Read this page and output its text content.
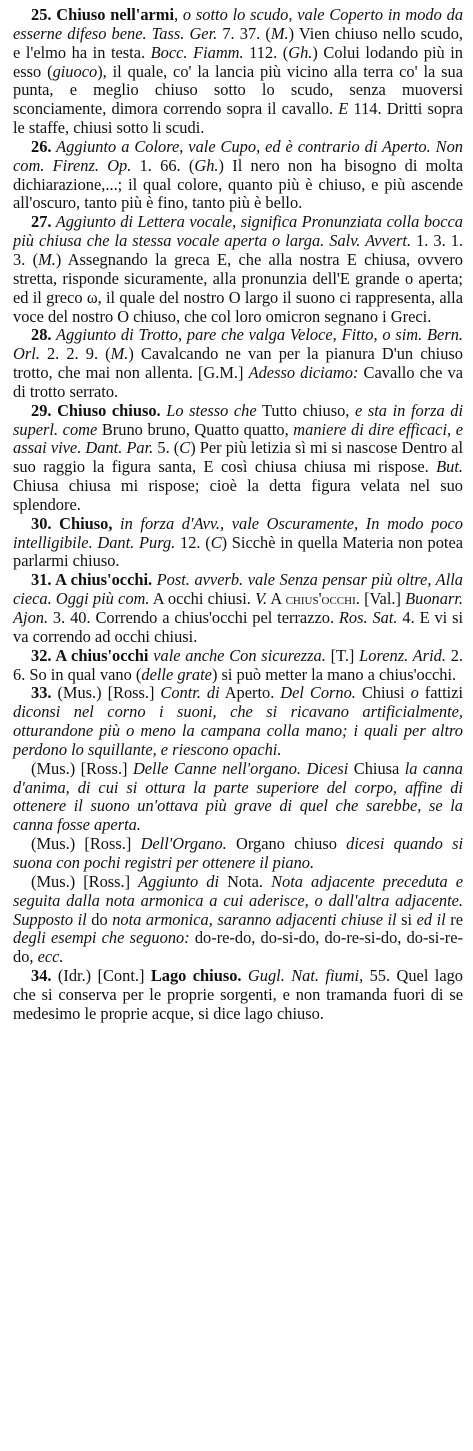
25. Chiuso nell'armi, o sotto lo scudo, vale Coperto in modo da esserne difeso bene. Tass. Ger. 7. 37. (M.) Vien chiuso nello scudo, e l'elmo ha in testa. Bocc. Fiamm. 112. (Gh.) Colui lodando più in esso (giuoco), il quale, co' la lancia più vicino alla terra co' la sua punta, e meglio chiuso sotto lo scudo, senza muoversi sconciamente, dimora correndo sopra il cavallo. E 114. Dritti sopra le staffe, chiusi sotto li scudi.
26. Aggiunto a Colore, vale Cupo, ed è contrario di Aperto. Non com. Firenz. Op. 1. 66. (Gh.) Il nero non ha bisogno di molta dichiarazione,...; il qual colore, quanto più è chiuso, e più ascende all'oscuro, tanto più è fino, tanto più è bello.
27. Aggiunto di Lettera vocale, significa Pronunziata colla bocca più chiusa che la stessa vocale aperta o larga. Salv. Avvert. 1. 3. 1. 3. (M.) Assegnando la greca E, che alla nostra E chiusa, ovvero stretta, risponde sicuramente, alla pronunzia dell'E grande o aperta; ed il greco ω, il quale del nostro O largo il suono ci rappresenta, alla voce del nostro O chiuso, che col loro omicron segnano i Greci.
28. Aggiunto di Trotto, pare che valga Veloce, Fitto, o sim. Bern. Orl. 2. 2. 9. (M.) Cavalcando ne van per la pianura D'un chiuso trotto, che mai non allenta. [G.M.] Adesso diciamo: Cavallo che va di trotto serrato.
29. Chiuso chiuso. Lo stesso che Tutto chiuso, e sta in forza di superl. come Bruno bruno, Quatto quatto, maniere di dire efficaci, e assai vive. Dant. Par. 5. (C) Per più letizia sì mi si nascose Dentro al suo raggio la figura santa, E così chiusa chiusa mi rispose. But. Chiusa chiusa mi rispose; cioè la detta figura velata nel suo splendore.
30. Chiuso, in forza d'Avv., vale Oscuramente, In modo poco intelligibile. Dant. Purg. 12. (C) Sicchè in quella Materia non potea parlarmi chiuso.
31. A chius'occhi. Post. avverb. vale Senza pensar più oltre, Alla cieca. Oggi più com. A occhi chiusi. V. A chius'occhi. [Val.] Buonarr. Ajon. 3. 40. Correndo a chius'occhi pel terrazzo. Ros. Sat. 4. E vi si va correndo ad occhi chiusi.
32. A chius'occhi vale anche Con sicurezza. [T.] Lorenz. Arid. 2. 6. So in qual vano (delle grate) si può metter la mano a chius'occhi.
33. (Mus.) [Ross.] Contr. di Aperto. Del Corno. Chiusi o fattizi diconsi nel corno i suoni, che si ricavano artificialmente, otturandone più o meno la campana colla mano; i quali per altro perdono lo squillante, e riescono opachi.
(Mus.) [Ross.] Delle Canne nell'organo. Dicesi Chiusa la canna d'anima, di cui si ottura la parte superiore del corpo, affine di ottenere il suono un'ottava più grave di quel che sarebbe, se la canna fosse aperta.
(Mus.) [Ross.] Dell'Organo. Organo chiuso dicesi quando si suona con pochi registri per ottenere il piano.
(Mus.) [Ross.] Aggiunto di Nota. Nota adjacente preceduta e seguita dalla nota armonica a cui aderisce, o dall'altra adjacente. Supposto il do nota armonica, saranno adjacenti chiuse il si ed il re degli esempi che seguono: do-re-do, do-si-do, do-re-si-do, do-si-re-do, ecc.
34. (Idr.) [Cont.] Lago chiuso. Gugl. Nat. fiumi, 55. Quel lago che si conserva per le proprie sorgenti, e non tramanda fuori di se medesimo le proprie acque, si dice lago chiuso.
